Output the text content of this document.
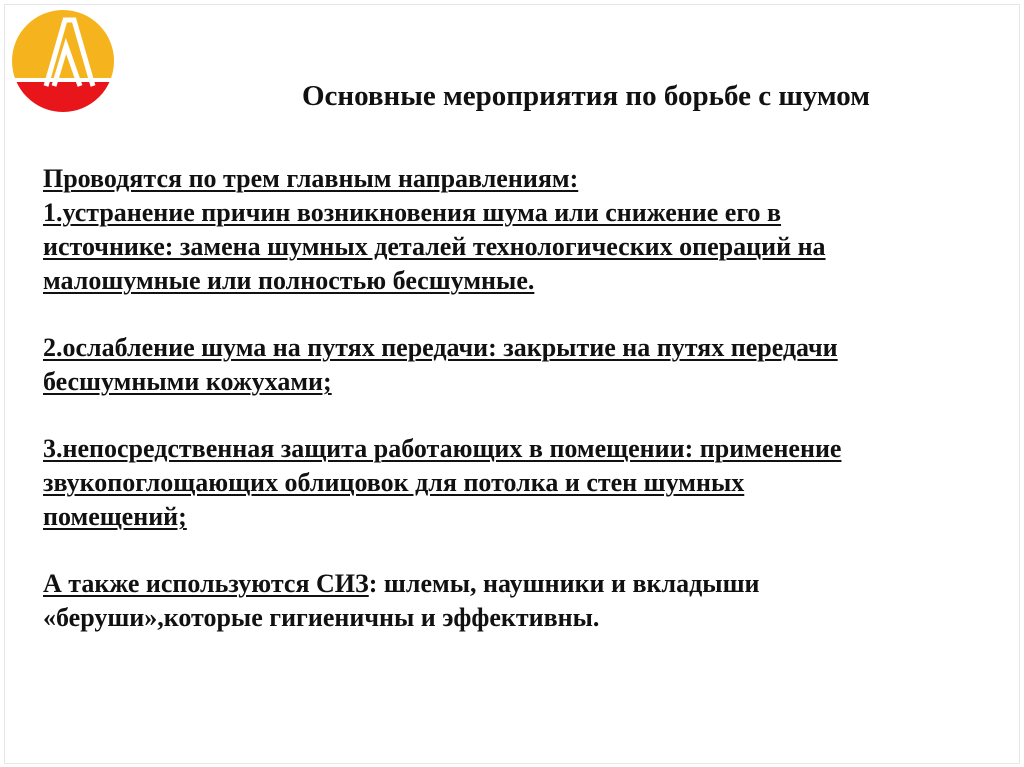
Основные мероприятия по борьбе с шумом
Проводятся по трем главным направлениям:
1.устранение причин возникновения шума или снижение его в
источнике: замена шумных деталей технологических операций на
малошумные или полностью бесшумные.
2.ослабление шума на путях передачи: закрытие на путях передачи
бесшумными кожухами;
3.непосредственная защита работающих в помещении: применение
звукопоглощающих облицовок для потолка и стен шумных
помещений;
А также используются СИЗ: шлемы, наушники и вкладыши
«беруши»,которые гигиеничны и эффективны.
